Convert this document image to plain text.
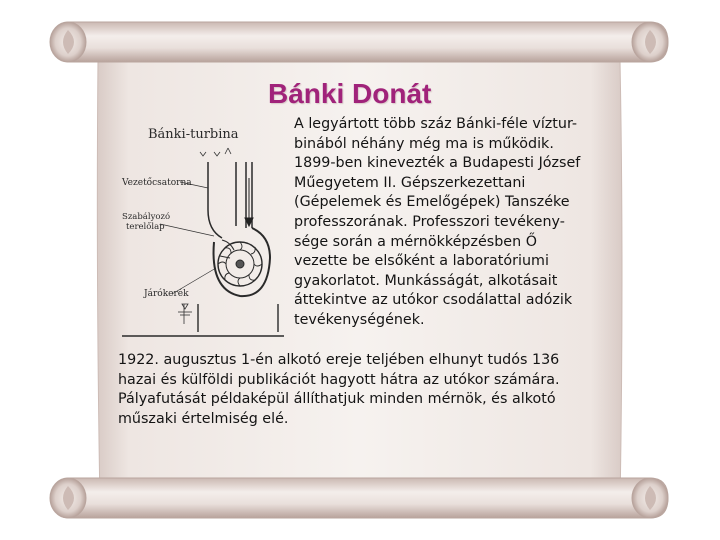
Bánki Donát
Bánki-turbina
Vezetőcsatorna
Szabályozó
terelőlap
Járókerék

A legyártott több száz Bánki-féle víztur-
binából néhány még ma is működik.
1899-ben kinevezték a Budapesti József
Műegyetem II. Gépszerkezettani
(Gépelemek és Emelőgépek) Tanszéke
professzorának. Professzori tevékeny-
sége során a mérnökképzésben Ő
vezette be elsőként a laboratóriumi
gyakorlatot. Munkásságát, alkotásait
áttekintve az utókor csodálattal adózik
tevékenységének.

1922. augusztus 1-én alkotó ereje teljében elhunyt tudós 136
hazai és külföldi publikációt hagyott hátra az utókor számára.
Pályafutását példaképül állíthatjuk minden mérnök, és alkotó
műszaki értelmiség elé.
